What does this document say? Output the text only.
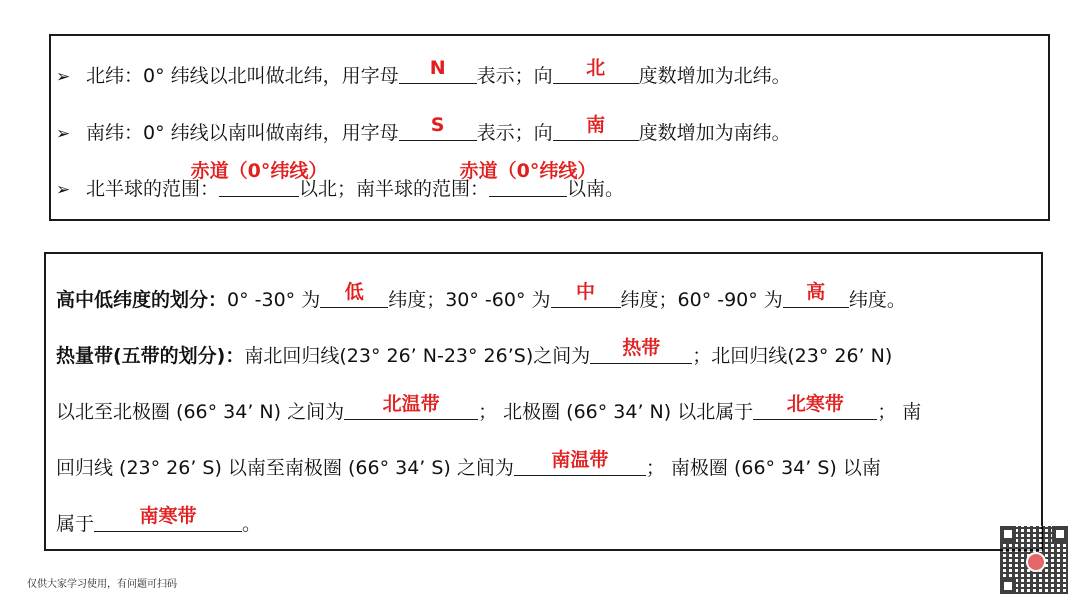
➢ 北纬：0° 纬线以北叫做北纬，用字母	N	表示；向	北	度数增加为北纬。
➢ 南纬：0° 纬线以南叫做南纬，用字母	S	表示；向	南	度数增加为南纬。
➢ 北半球的范围：
赤道（0°纬线）
以北；南半球的范围：
赤道（0°纬线）
以南。
高中低纬度的划分：0° -30° 为	低	纬度；30° -60° 为	中	纬度；60° -90° 为	高	纬度。
热量带(五带的划分)：南北回归线(23° 26’ N-23° 26’S)之间为	热带	；北回归线(23° 26’ N)
以北至北极圈 (66° 34’ N) 之间为	北温带	； 北极圈 (66° 34’ N) 以北属于	北寒带	； 南
回归线 (23° 26’ S) 以南至南极圈 (66° 34’ S) 之间为	南温带	； 南极圈 (66° 34’ S) 以南
属于	南寒带	。
仅供大家学习使用，有问题可扫码
